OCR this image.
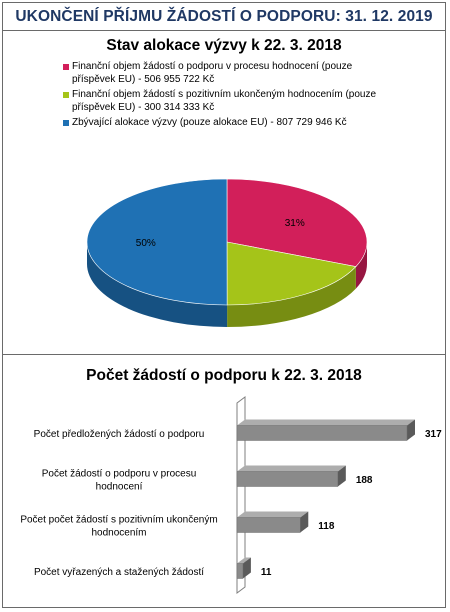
UKONČENÍ PŘÍJMU ŽÁDOSTÍ O PODPORU: 31. 12. 2019
Stav alokace výzvy k 22. 3. 2018
Finanční objem žádostí o podporu v procesu hodnocení (pouze příspěvek EU) - 506 955 722 Kč
Finanční objem žádostí s pozitivním ukončeným hodnocením (pouze příspěvek EU) - 300 314 333 Kč
Zbývající alokace výzvy (pouze alokace EU) - 807 729 946 Kč
31%
50%
Počet žádostí o podporu k 22. 3. 2018
317
Počet předložených žádostí o podporu
188
Počet žádostí o podporu v procesu hodnocení
118
Počet počet žádostí s pozitivním ukončeným hodnocením
11
Počet vyřazených a stažených žádostí
